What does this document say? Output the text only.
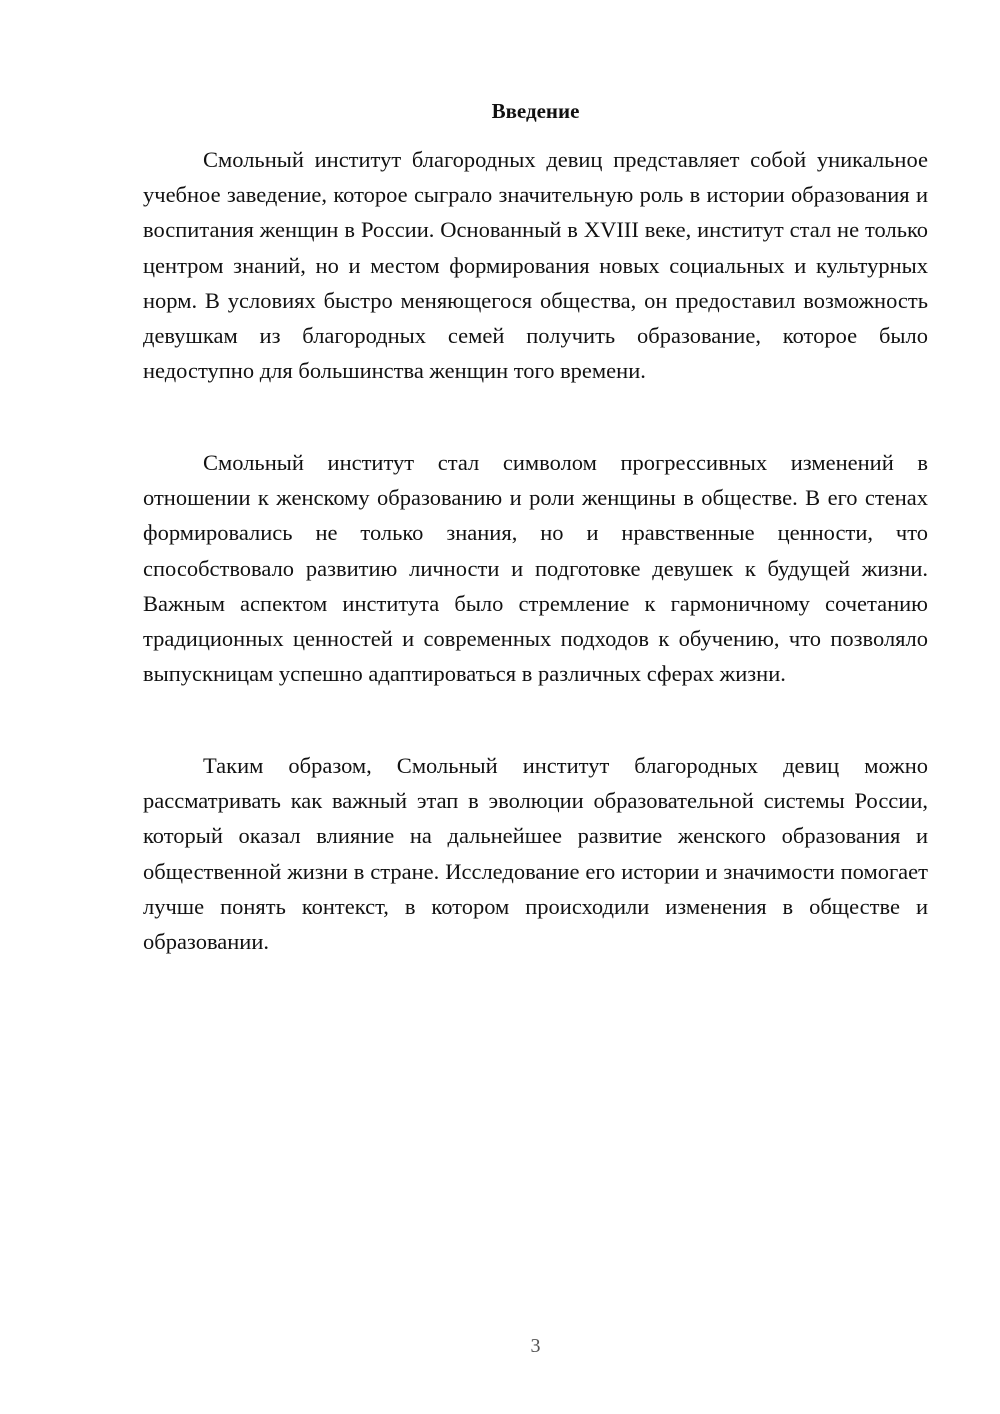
Введение

Смольный институт благородных девиц представляет собой уникальное учебное заведение, которое сыграло значительную роль в истории образования и воспитания женщин в России. Основанный в XVIII веке, институт стал не только центром знаний, но и местом формирования новых социальных и культурных норм. В условиях быстро меняющегося общества, он предоставил возможность девушкам из благородных семей получить образование, которое было недоступно для большинства женщин того времени.

Смольный институт стал символом прогрессивных изменений в отношении к женскому образованию и роли женщины в обществе. В его стенах формировались не только знания, но и нравственные ценности, что способствовало развитию личности и подготовке девушек к будущей жизни. Важным аспектом института было стремление к гармоничному сочетанию традиционных ценностей и современных подходов к обучению, что позволяло выпускницам успешно адаптироваться в различных сферах жизни.

Таким образом, Смольный институт благородных девиц можно рассматривать как важный этап в эволюции образовательной системы России, который оказал влияние на дальнейшее развитие женского образования и общественной жизни в стране. Исследование его истории и значимости помогает лучше понять контекст, в котором происходили изменения в обществе и образовании.

3
